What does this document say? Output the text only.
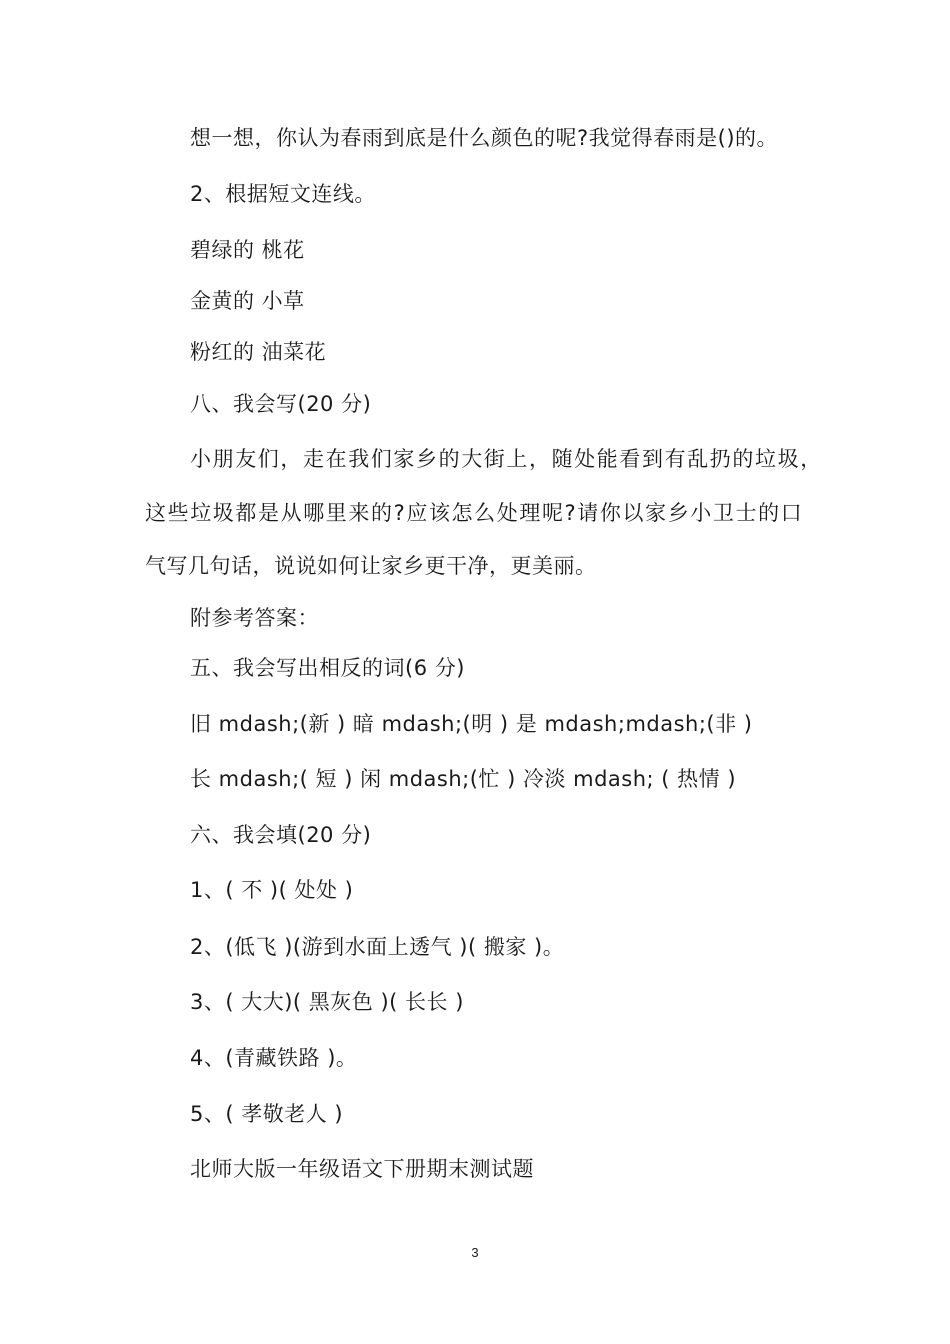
想一想，你认为春雨到底是什么颜色的呢?我觉得春雨是()的。
2、根据短文连线。
碧绿的 桃花
金黄的 小草
粉红的 油菜花
八、我会写(20 分)
小朋友们，走在我们家乡的大街上，随处能看到有乱扔的垃圾，
这些垃圾都是从哪里来的?应该怎么处理呢?请你以家乡小卫士的口
气写几句话，说说如何让家乡更干净，更美丽。
附参考答案：
五、我会写出相反的词(6 分)
旧 mdash;(新 ) 暗 mdash;(明 ) 是 mdash;mdash;(非 )
长 mdash;( 短 ) 闲 mdash;(忙 ) 冷淡 mdash; ( 热情 )
六、我会填(20 分)
1、( 不 )( 处处 )
2、(低飞 )(游到水面上透气 )( 搬家 )。
3、( 大大)( 黑灰色 )( 长长 )
4、(青藏铁路 )。
5、( 孝敬老人 )
北师大版一年级语文下册期末测试题
3
